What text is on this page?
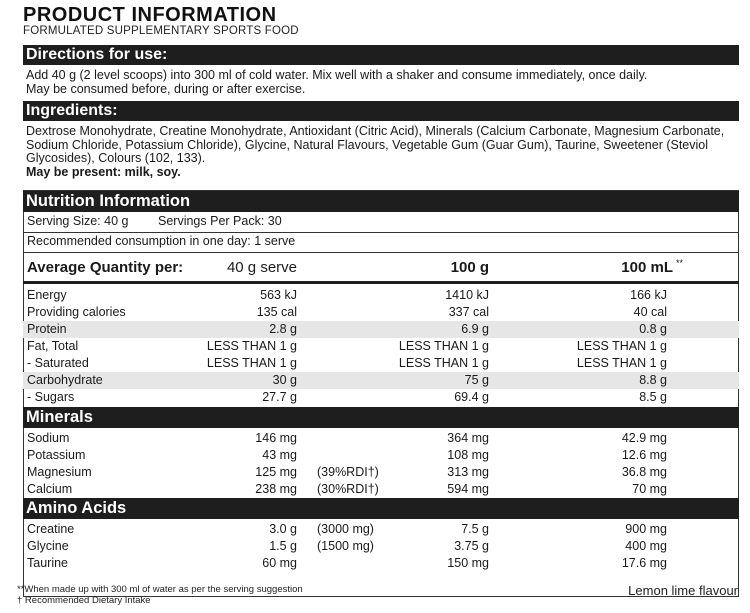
PRODUCT INFORMATION
FORMULATED SUPPLEMENTARY SPORTS FOOD
Directions for use:
Add 40 g (2 level scoops) into 300 ml of cold water. Mix well with a shaker and consume immediately, once daily.
May be consumed before, during or after exercise.
Ingredients:
Dextrose Monohydrate, Creatine Monohydrate, Antioxidant (Citric Acid), Minerals (Calcium Carbonate, Magnesium Carbonate,
Sodium Chloride, Potassium Chloride), Glycine, Natural Flavours, Vegetable Gum (Guar Gum), Taurine, Sweetener (Steviol
Glycosides), Colours (102, 133).
May be present: milk, soy.
Nutrition Information
Serving Size: 40 g Servings Per Pack: 30
Recommended consumption in one day: 1 serve
Average Quantity per:	40 g serve	100 g	100 mL **
Energy	563 kJ	1410 kJ	166 kJ
Providing calories	135 cal	337 cal	40 cal
Protein	2.8 g	6.9 g	0.8 g
Fat, Total	LESS THAN 1 g	LESS THAN 1 g	LESS THAN 1 g
- Saturated	LESS THAN 1 g	LESS THAN 1 g	LESS THAN 1 g
Carbohydrate	30 g	75 g	8.8 g
- Sugars	27.7 g	69.4 g	8.5 g
Minerals
Sodium	146 mg	364 mg	42.9 mg
Potassium	43 mg	108 mg	12.6 mg
Magnesium	125 mg (39%RDI†)	313 mg	36.8 mg
Calcium	238 mg (30%RDI†)	594 mg	70 mg
Amino Acids
Creatine	3.0 g (3000 mg)	7.5 g	900 mg
Glycine	1.5 g (1500 mg)	3.75 g	400 mg
Taurine	60 mg	150 mg	17.6 mg
**When made up with 300 ml of water as per the serving suggestion
† Recommended Dietary Intake
Lemon lime flavour
